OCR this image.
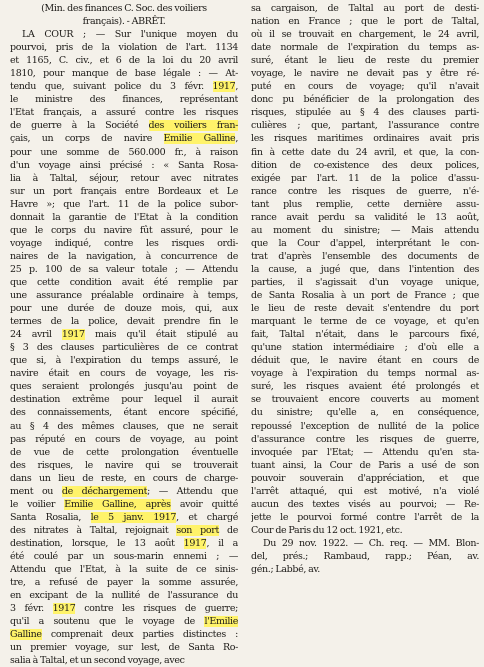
(Min. des finances C. Soc. des voiliers
français). - ABRÊT.
LA COUR ; — Sur l'unique moyen du
pourvoi, pris de la violation de l'art. 1134
et 1165, C. civ., et 6 de la loi du 20 avril
1810, pour manque de base légale : — At-
tendu que, suivant police du 3 févr. 1917,
le ministre des finances, représentant
l'Etat français, a assuré contre les risques
de guerre à la Société des voiliers fran-
çais, un corps de navire Emilie Galline,
pour une somme de 560.000 fr., à raison
d'un voyage ainsi précisé : « Santa Rosa-
lia à Taltal, séjour, retour avec nitrates
sur un port français entre Bordeaux et Le
Havre »; que l'art. 11 de la police subor-
donnait la garantie de l'Etat à la condition
que le corps du navire fût assuré, pour le
voyage indiqué, contre les risques ordi-
naires de la navigation, à concurrence de
25 p. 100 de sa valeur totale ; — Attendu
que cette condition avait été remplie par
une assurance préalable ordinaire à temps,
pour une durée de douze mois, qui, aux
termes de la police, devait prendre fin le
24 avril 1917 mais qu'il était stipulé au
§ 3 des clauses particulières de ce contrat
que si, à l'expiration du temps assuré, le
navire était en cours de voyage, les ris-
ques seraient prolongés jusqu'au point de
destination extrême pour lequel il aurait
des connaissements, étant encore spécifié,
au § 4 des mêmes clauses, que ne serait
pas réputé en cours de voyage, au point
de vue de cette prolongation éventuelle
des risques, le navire qui se trouverait
dans un lieu de reste, en cours de charge-
ment ou de déchargement; — Attendu que
le voilier Emilie Galline, après avoir quitté
Santa Rosalia, le 5 janv. 1917, et chargé
des nitrates à Taltal, rejoignait son port de
destination, lorsque, le 13 août 1917, il a
été coulé par un sous-marin ennemi ; —
Attendu que l'Etat, à la suite de ce sinis-
tre, a refusé de payer la somme assurée,
en excipant de la nullité de l'assurance du
3 févr. 1917 contre les risques de guerre;
qu'il a soutenu que le voyage de l'Emilie
Galline comprenait deux parties distinctes :
un premier voyage, sur lest, de Santa Ro-
salia à Taltal, et un second voyage, avec
sa cargaison, de Taltal au port de desti-
nation en France ; que le port de Taltal,
où il se trouvait en chargement, le 24 avril,
date normale de l'expiration du temps as-
suré, étant le lieu de reste du premier
voyage, le navire ne devait pas y être ré-
puté en cours de voyage; qu'il n'avait
donc pu bénéficier de la prolongation des
risques, stipulée au § 4 des clauses parti-
culières ; que, partant, l'assurance contre
les risques maritimes ordinaires avait pris
fin à cette date du 24 avril, et que, la con-
dition de co-existence des deux polices,
exigée par l'art. 11 de la police d'assu-
rance contre les risques de guerre, n'é-
tant plus remplie, cette dernière assu-
rance avait perdu sa validité le 13 août,
au moment du sinistre; — Mais attendu
que la Cour d'appel, interprétant le con-
trat d'après l'ensemble des documents de
la cause, a jugé que, dans l'intention des
parties, il s'agissait d'un voyage unique,
de Santa Rosalia à un port de France ; que
le lieu de reste devait s'entendre du port
marquant le terme de ce voyage, et qu'en
fait, Taltal n'était, dans le parcours fixé,
qu'une station intermédiaire ; d'où elle a
déduit que, le navire étant en cours de
voyage à l'expiration du temps normal as-
suré, les risques avaient été prolongés et
se trouvaient encore couverts au moment
du sinistre; qu'elle a, en conséquence,
repoussé l'exception de nullité de la police
d'assurance contre les risques de guerre,
invoquée par l'Etat; — Attendu qu'en sta-
tuant ainsi, la Cour de Paris a usé de son
pouvoir souverain d'appréciation, et que
l'arrêt attaqué, qui est motivé, n'a violé
aucun des textes visés au pourvoi; — Re-
jette le pourvoi formé contre l'arrêt de la
Cour de Paris du 12 oct. 1921, etc.
Du 29 nov. 1922. — Ch. req. — MM. Blon-
del, prés.; Rambaud, rapp.; Péan, av.
gén.; Labbé, av.
